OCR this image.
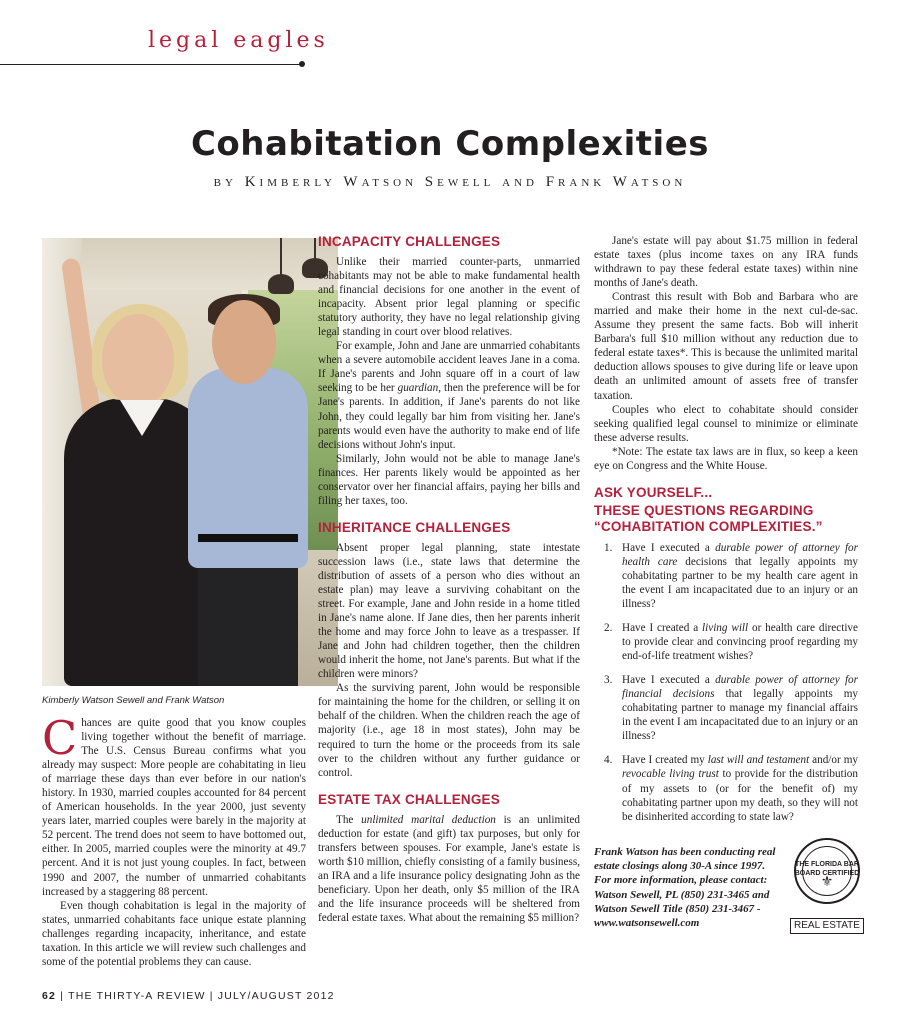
legal eagles
Cohabitation Complexities
by Kimberly Watson Sewell and Frank Watson
Kimberly Watson Sewell and Frank Watson

Chances are quite good that you know couples living together without the benefit of marriage. The U.S. Census Bureau confirms what you already may suspect: More people are cohabitating in lieu of marriage these days than ever before in our nation's history. In 1930, married couples accounted for 84 percent of American households. In the year 2000, just seventy years later, married couples were barely in the majority at 52 percent. The trend does not seem to have bottomed out, either. In 2005, married couples were the minority at 49.7 percent. And it is not just young couples. In fact, between 1990 and 2007, the number of unmarried cohabitants increased by a staggering 88 percent.

Even though cohabitation is legal in the majority of states, unmarried cohabitants face unique estate planning challenges regarding incapacity, inheritance, and estate taxation. In this article we will review such challenges and some of the potential problems they can cause.

INCAPACITY CHALLENGES

Unlike their married counter-parts, unmarried cohabitants may not be able to make fundamental health and financial decisions for one another in the event of incapacity. Absent prior legal planning or specific statutory authority, they have no legal relationship giving legal standing in court over blood relatives.

For example, John and Jane are unmarried cohabitants when a severe automobile accident leaves Jane in a coma. If Jane's parents and John square off in a court of law seeking to be her guardian, then the preference will be for Jane's parents. In addition, if Jane's parents do not like John, they could legally bar him from visiting her. Jane's parents would even have the authority to make end of life decisions without John's input.

Similarly, John would not be able to manage Jane's finances. Her parents likely would be appointed as her conservator over her financial affairs, paying her bills and filing her taxes, too.

INHERITANCE CHALLENGES

Absent proper legal planning, state intestate succession laws (i.e., state laws that determine the distribution of assets of a person who dies without an estate plan) may leave a surviving cohabitant on the street. For example, Jane and John reside in a home titled in Jane's name alone. If Jane dies, then her parents inherit the home and may force John to leave as a trespasser. If Jane and John had children together, then the children would inherit the home, not Jane's parents. But what if the children were minors?

As the surviving parent, John would be responsible for maintaining the home for the children, or selling it on behalf of the children. When the children reach the age of majority (i.e., age 18 in most states), John may be required to turn the home or the proceeds from its sale over to the children without any further guidance or control.

ESTATE TAX CHALLENGES

The unlimited marital deduction is an unlimited deduction for estate (and gift) tax purposes, but only for transfers between spouses. For example, Jane's estate is worth $10 million, chiefly consisting of a family business, an IRA and a life insurance policy designating John as the beneficiary. Upon her death, only $5 million of the IRA and the life insurance proceeds will be sheltered from federal estate taxes. What about the remaining $5 million?

Jane's estate will pay about $1.75 million in federal estate taxes (plus income taxes on any IRA funds withdrawn to pay these federal estate taxes) within nine months of Jane's death.

Contrast this result with Bob and Barbara who are married and make their home in the next cul-de-sac. Assume they present the same facts. Bob will inherit Barbara's full $10 million without any reduction due to federal estate taxes*. This is because the unlimited marital deduction allows spouses to give during life or leave upon death an unlimited amount of assets free of transfer taxation.

Couples who elect to cohabitate should consider seeking qualified legal counsel to minimize or eliminate these adverse results.

*Note: The estate tax laws are in flux, so keep a keen eye on Congress and the White House.

ASK YOURSELF...
THESE QUESTIONS REGARDING “COHABITATION COMPLEXITIES.”
1. Have I executed a durable power of attorney for health care decisions that legally appoints my cohabitating partner to be my health care agent in the event I am incapacitated due to an injury or an illness?
2. Have I created a living will or health care directive to provide clear and convincing proof regarding my end-of-life treatment wishes?
3. Have I executed a durable power of attorney for financial decisions that legally appoints my cohabitating partner to manage my financial affairs in the event I am incapacitated due to an injury or an illness?
4. Have I created my last will and testament and/or my revocable living trust to provide for the distribution of my assets to (or for the benefit of) my cohabitating partner upon my death, so they will not be disinherited according to state law?
Frank Watson has been conducting real estate closings along 30-A since 1997. For more information, please contact: Watson Sewell, PL (850) 231-3465 and Watson Sewell Title (850) 231-3467 - www.watsonsewell.com
THE FLORIDA BAR BOARD CERTIFIED
⚜
REAL ESTATE
62 | THE THIRTY-A REVIEW | JULY/AUGUST 2012
